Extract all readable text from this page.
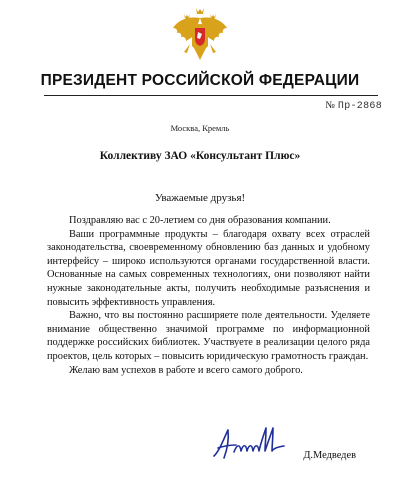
ПРЕЗИДЕНТ РОССИЙСКОЙ ФЕДЕРАЦИИ
№ Пр-2868
Москва, Кремль
Коллективу ЗАО «Консультант Плюс»
Уважаемые друзья!

Поздравляю вас с 20-летием со дня образования компании.

Ваши программные продукты – благодаря охвату всех отраслей законодательства, своевременному обновлению баз данных и удобному интерфейсу – широко используются органами государственной власти. Основанные на самых современных технологиях, они позволяют найти нужные законодательные акты, получить необходимые разъяснения и повысить эффективность управления.

Важно, что вы постоянно расширяете поле деятельности. Уделяете внимание общественно значимой программе по информационной поддержке российских библиотек. Участвуете в реализации целого ряда проектов, цель которых – повысить юридическую грамотность граждан.

Желаю вам успехов в работе и всего самого доброго.

Д.Медведев
